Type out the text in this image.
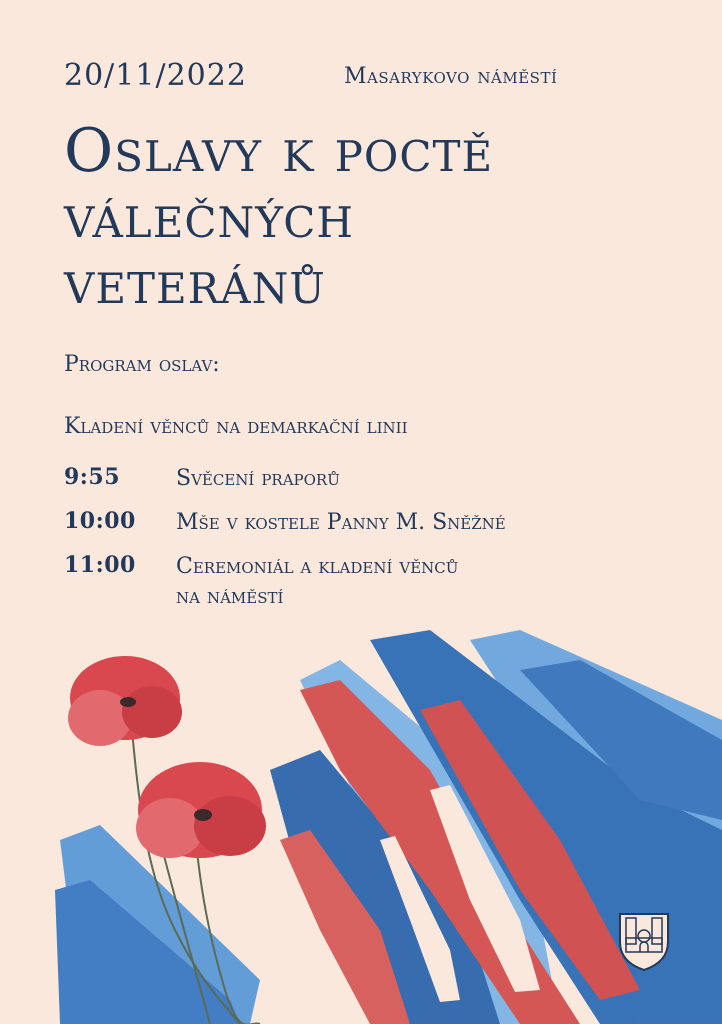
20/11/2022	Masarykovo náměstí
Oslavy k poctě
válečných
veteránů
Program oslav:
Kladení věnců na demarkační linii
9:55	Svěcení praporů
10:00 Mše v kostele Panny M. Sněžné
11:00 Ceremoniál a kladení věnců
na náměstí
